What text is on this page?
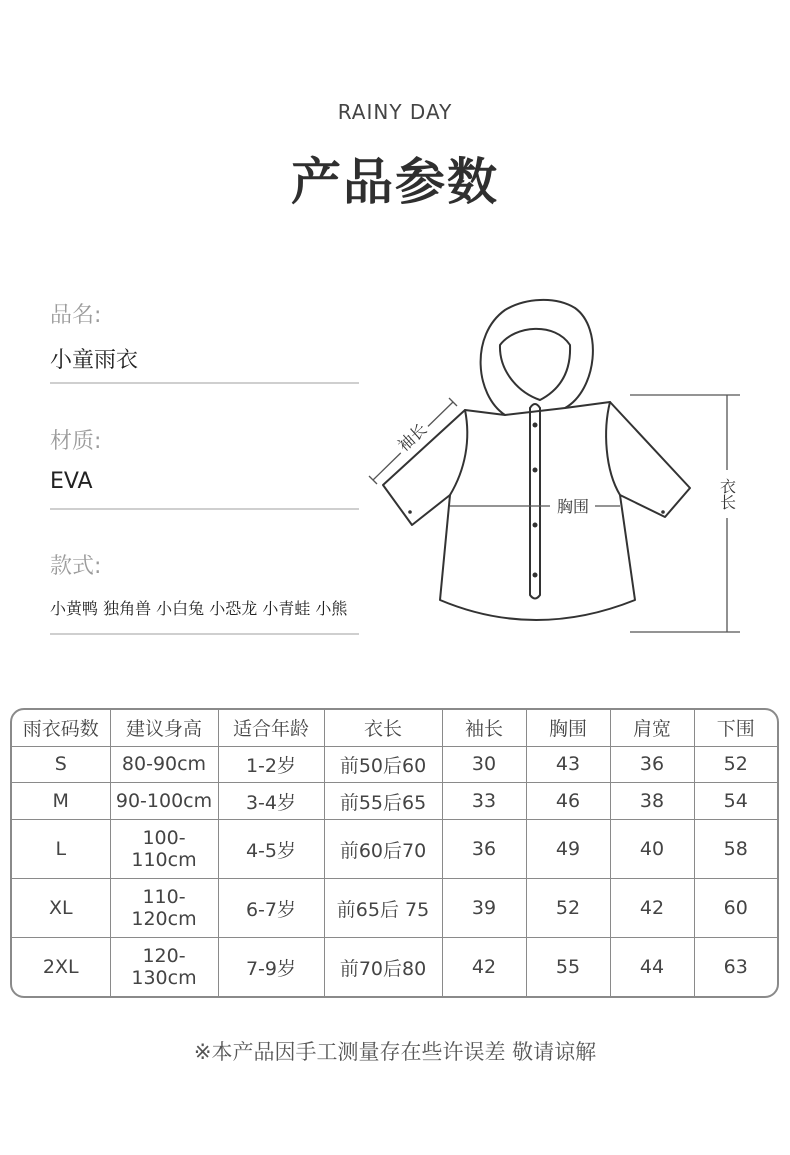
RAINY DAY
产品参数
品名:
小童雨衣
材质:
EVA
款式:
小黄鸭 独角兽 小白兔 小恐龙 小青蛙 小熊
袖长
胸围	衣长
雨衣码数	建议身高	适合年龄	衣长	袖长	胸围	肩宽	下围
S	80-90cm	1-2岁	前50后60	30	43	36	52
M	90-100cm	3-4岁	前55后65	33	46	38	54
L	100-110cm	4-5岁	前60后70	36	49	40	58
XL	110-120cm	6-7岁	前65后 75	39	52	42	60
2XL	120-130cm	7-9岁	前70后80	42	55	44	63
※本产品因手工测量存在些许误差 敬请谅解
